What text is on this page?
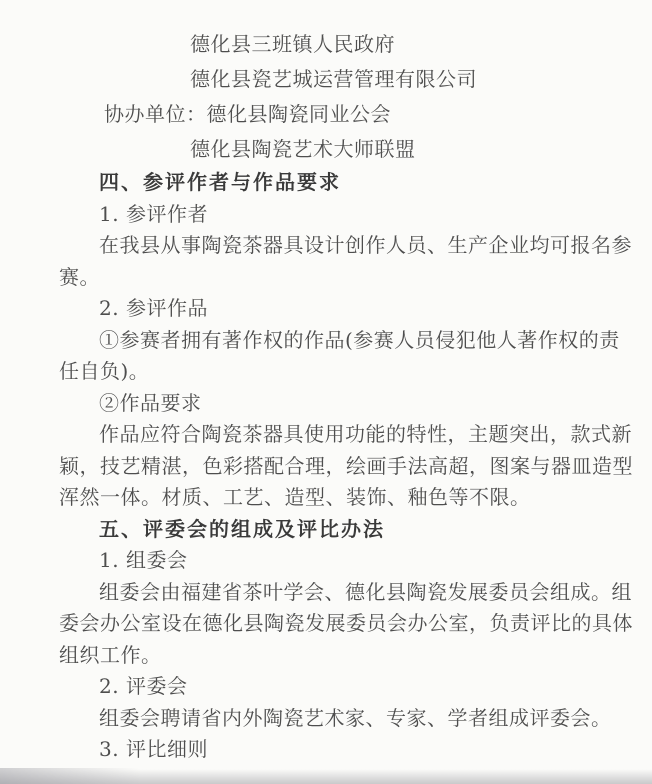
德化县三班镇人民政府
德化县瓷艺城运营管理有限公司
协办单位：德化县陶瓷同业公会
德化县陶瓷艺术大师联盟
四、参评作者与作品要求
1. 参评作者
在我县从事陶瓷茶器具设计创作人员、生产企业均可报名参
赛。
2. 参评作品
①参赛者拥有著作权的作品(参赛人员侵犯他人著作权的责
任自负)。
②作品要求
作品应符合陶瓷茶器具使用功能的特性，主题突出，款式新
颖，技艺精湛，色彩搭配合理，绘画手法高超，图案与器皿造型
浑然一体。材质、工艺、造型、装饰、釉色等不限。
五、评委会的组成及评比办法
1. 组委会
组委会由福建省茶叶学会、德化县陶瓷发展委员会组成。组
委会办公室设在德化县陶瓷发展委员会办公室，负责评比的具体
组织工作。
2. 评委会
组委会聘请省内外陶瓷艺术家、专家、学者组成评委会。
3. 评比细则
